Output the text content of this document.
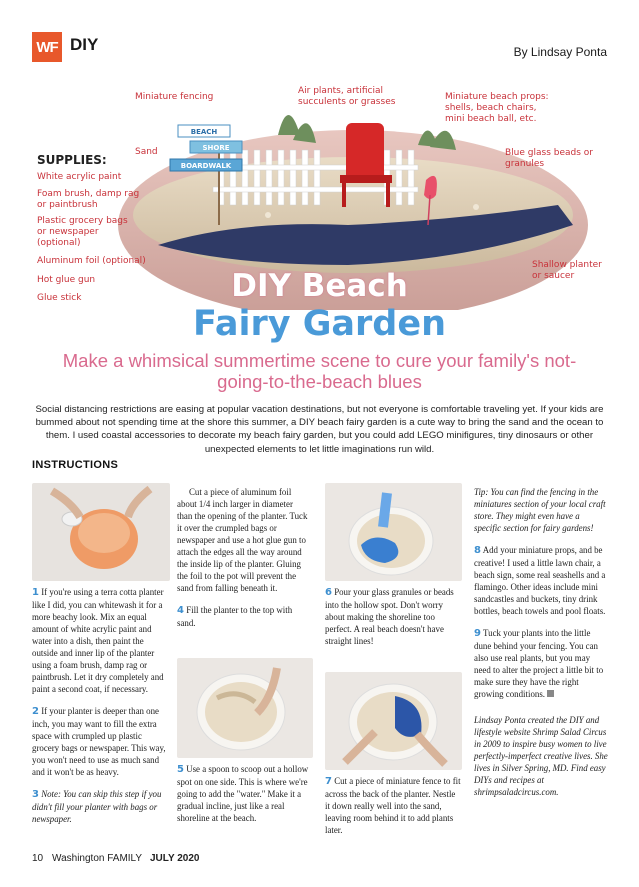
WF DIY	By Lindsay Ponta
BEACH
SHORE
BOARDWALK
Miniature fencing
Air plants, artificial
succulents or grasses	Miniature beach props:
shells, beach chairs,
mini beach ball, etc.
Sand	Blue glass beads or
granules
Shallow planter
or saucer
SUPPLIES:
White acrylic paint
Foam brush, damp rag or paintbrush
Plastic grocery bags or newspaper (optional)
Aluminum foil (optional)
Hot glue gun
Glue stick	DIY Beach
Fairy Garden
Make a whimsical summertime scene to cure your family's not-going-to-the-beach blues
Social distancing restrictions are easing at popular vacation destinations, but not everyone is comfortable traveling yet. If your kids are bummed about not spending time at the shore this summer, a DIY beach fairy garden is a cute way to bring the sand and the ocean to them. I used coastal accessories to decorate my beach fairy garden, but you could add LEGO minifigures, tiny dinosaurs or other unexpected elements to let little imaginations run wild.
INSTRUCTIONS

1 If you're using a terra cotta planter like I did, you can whitewash it for a more beachy look. Mix an equal amount of white acrylic paint and water into a dish, then paint the outside and inner lip of the planter using a foam brush, damp rag or paintbrush. Let it dry completely and paint a second coat, if necessary.

2 If your planter is deeper than one inch, you may want to fill the extra space with crumpled up plastic grocery bags or newspaper. This way, you won't need to use as much sand and it won't be as heavy.

3 Note: You can skip this step if you didn't fill your planter with bags or newspaper.

Cut a piece of aluminum foil about 1/4 inch larger in diameter than the opening of the planter. Tuck it over the crumpled bags or newspaper and use a hot glue gun to attach the edges all the way around the inside lip of the planter. Gluing the foil to the pot will prevent the sand from falling beneath it.

4 Fill the planter to the top with sand.

5 Use a spoon to scoop out a hollow spot on one side. This is where we're going to add the "water." Make it a gradual incline, just like a real shoreline at the beach.

6 Pour your glass granules or beads into the hollow spot. Don't worry about making the shoreline too perfect. A real beach doesn't have straight lines!

7 Cut a piece of miniature fence to fit across the back of the planter. Nestle it down really well into the sand, leaving room behind it to add plants later.

Tip: You can find the fencing in the miniatures section of your local craft store. They might even have a specific section for fairy gardens!

8 Add your miniature props, and be creative! I used a little lawn chair, a beach sign, some real seashells and a flamingo. Other ideas include mini sandcastles and buckets, tiny drink bottles, beach towels and pool floats.

9 Tuck your plants into the little dune behind your fencing. You can also use real plants, but you may need to alter the project a little bit to make sure they have the right growing conditions.

Lindsay Ponta created the DIY and lifestyle website Shrimp Salad Circus in 2009 to inspire busy women to live perfectly-imperfect creative lives. She lives in Silver Spring, MD. Find easy DIYs and recipes at shrimpsaladcircus.com.

10 Washington FAMILY JULY 2020
